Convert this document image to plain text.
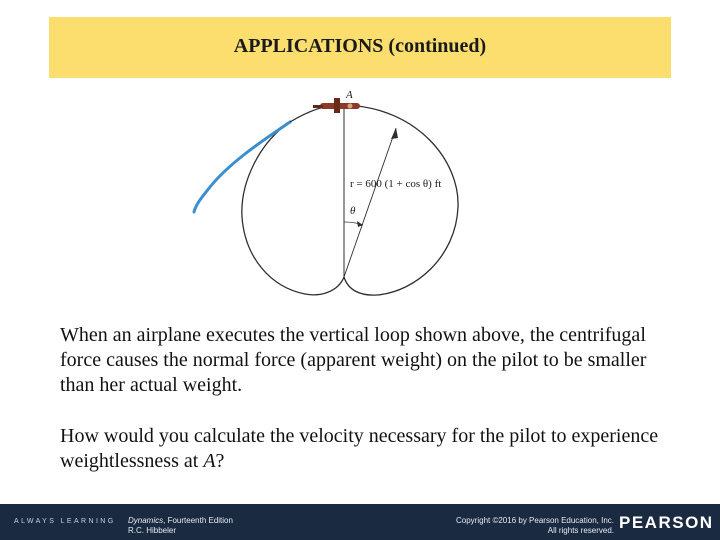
APPLICATIONS (continued)
A
r = 600 (1 + cos θ) ft
θ
When an airplane executes the vertical loop shown above, the centrifugal force causes the normal force (apparent weight) on the pilot to be smaller than her actual weight.
How would you calculate the velocity necessary for the pilot to experience weightlessness at A?
ALWAYS LEARNING Dynamics, Fourteenth Edition
R.C. Hibbeler
Copyright ©2016 by Pearson Education, Inc.
All rights reserved. PEARSON
